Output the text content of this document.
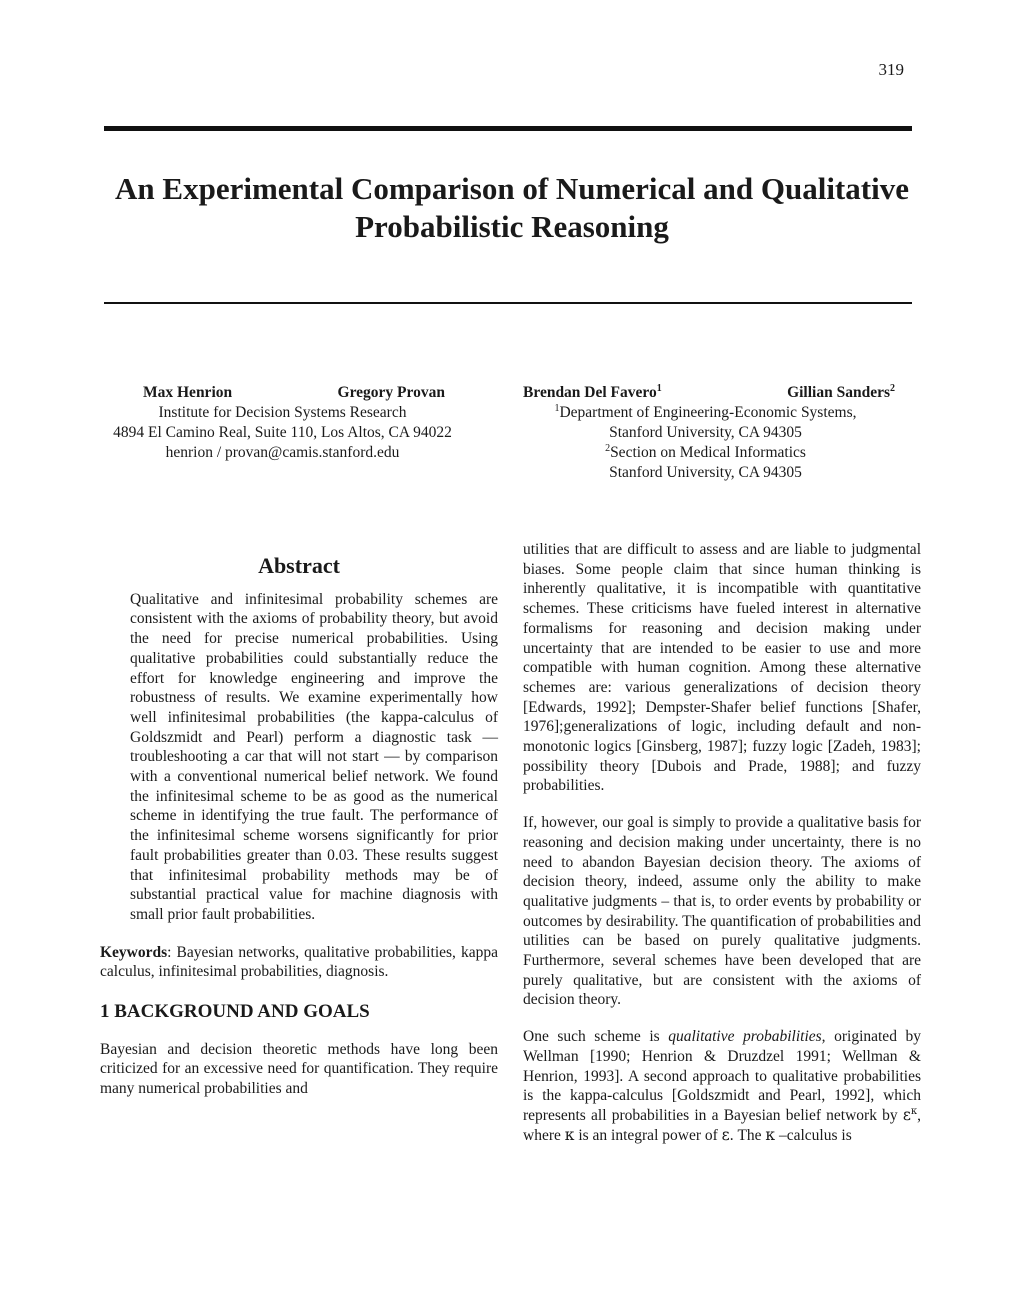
319
An Experimental Comparison of Numerical and Qualitative
Probabilistic Reasoning
Max Henrion	Gregory Provan
Institute for Decision Systems Research
4894 El Camino Real, Suite 110, Los Altos, CA 94022
henrion / provan@camis.stanford.edu
Brendan Del Favero$^1$	Gillian Sanders$^2$
$^1$Department of Engineering-Economic Systems,
Stanford University, CA 94305
$^2$Section on Medical Informatics
Stanford University, CA 94305
Abstract
Qualitative and infinitesimal probability schemes are consistent with the axioms of probability theory, but avoid the need for precise numerical probabilities. Using qualitative probabilities could substantially reduce the effort for knowledge engineering and improve the robustness of results. We examine experimentally how well infinitesimal probabilities (the kappa-calculus of Goldszmidt and Pearl) perform a diagnostic task — troubleshooting a car that will not start — by comparison with a conventional numerical belief network. We found the infinitesimal scheme to be as good as the numerical scheme in identifying the true fault. The performance of the infinitesimal scheme worsens significantly for prior fault probabilities greater than 0.03. These results suggest that infinitesimal probability methods may be of substantial practical value for machine diagnosis with small prior fault probabilities.
Keywords: Bayesian networks, qualitative probabilities, kappa calculus, infinitesimal probabilities, diagnosis.
1 BACKGROUND AND GOALS

Bayesian and decision theoretic methods have long been criticized for an excessive need for quantification. They require many numerical probabilities and

utilities that are difficult to assess and are liable to judgmental biases. Some people claim that since human thinking is inherently qualitative, it is incompatible with quantitative schemes. These criticisms have fueled interest in alternative formalisms for reasoning and decision making under uncertainty that are intended to be easier to use and more compatible with human cognition. Among these alternative schemes are: various generalizations of decision theory [Edwards, 1992]; Dempster-Shafer belief functions [Shafer, 1976];generalizations of logic, including default and non-monotonic logics [Ginsberg, 1987]; fuzzy logic [Zadeh, 1983]; possibility theory [Dubois and Prade, 1988]; and fuzzy probabilities.

If, however, our goal is simply to provide a qualitative basis for reasoning and decision making under uncertainty, there is no need to abandon Bayesian decision theory. The axioms of decision theory, indeed, assume only the ability to make qualitative judgments – that is, to order events by probability or outcomes by desirability. The quantification of probabilities and utilities can be based on purely qualitative judgments. Furthermore, several schemes have been developed that are purely qualitative, but are consistent with the axioms of decision theory.

One such scheme is qualitative probabilities, originated by Wellman [1990; Henrion & Druzdzel 1991; Wellman & Henrion, 1993]. A second approach to qualitative probabilities is the kappa-calculus [Goldszmidt and Pearl, 1992], which represents all probabilities in a Bayesian belief network by $\varepsilon^\kappa$, where κ is an integral power of ε. The κ –calculus is
